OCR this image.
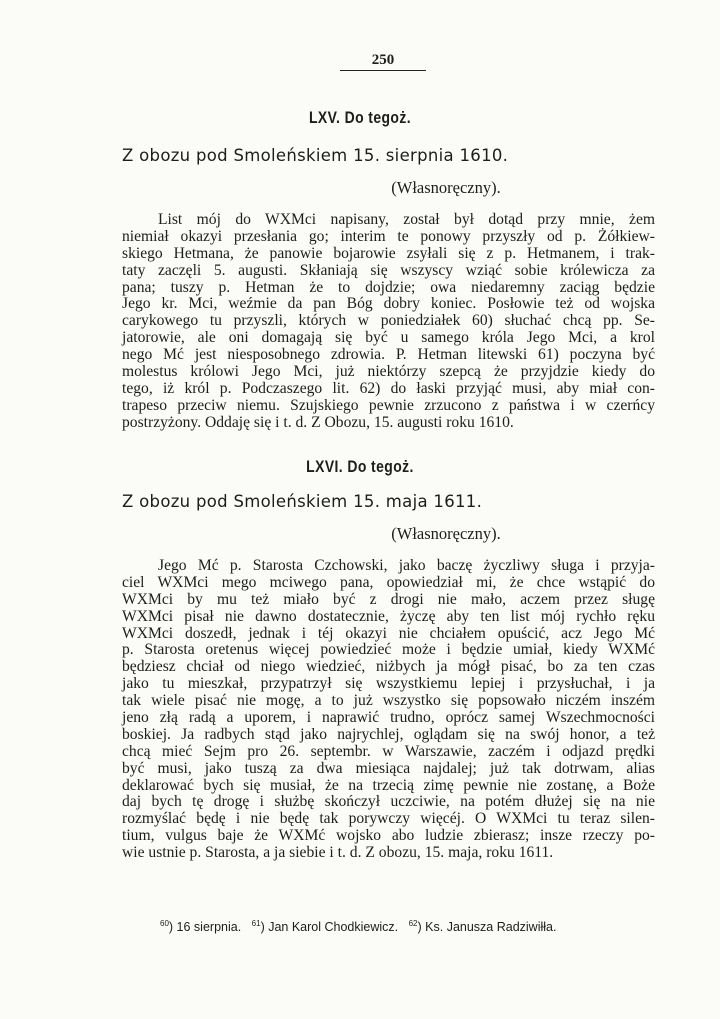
250
LXV. Do tegoż.
Z obozu pod Smoleńskiem 15. sierpnia 1610.
(Własnoręczny).
List mój do WXMci napisany, został był dotąd przy mnie, żem
niemiał okazyi przesłania go; interim te ponowy przyszły od p. Żółkiew-
skiego Hetmana, że panowie bojarowie zsyłali się z p. Hetmanem, i trak-
taty zaczęli 5. augusti. Skłaniają się wszyscy wziąć sobie królewicza za
pana; tuszy p. Hetman że to dojdzie; owa niedaremny zaciąg będzie
Jego kr. Mci, weźmie da pan Bóg dobry koniec. Posłowie też od wojska
carykowego tu przyszli, których w poniedziałek 60) słuchać chcą pp. Se-
jatorowie, ale oni domagają się być u samego króla Jego Mci, a krol
nego Mć jest niesposobnego zdrowia. P. Hetman litewski 61) poczyna być
molestus królowi Jego Mci, już niektórzy szepcą że przyjdzie kiedy do
tego, iż król p. Podczaszego lit. 62) do łaski przyjąć musi, aby miał con-
trapeso przeciw niemu. Szujskiego pewnie zrzucono z państwa i w czerńcy
postrzyżony. Oddaję się i t. d. Z Obozu, 15. augusti roku 1610.
LXVI. Do tegoż.
Z obozu pod Smoleńskiem 15. maja 1611.
(Własnoręczny).
Jego Mć p. Starosta Czchowski, jako baczę życzliwy sługa i przyja-
ciel WXMci mego mciwego pana, opowiedział mi, że chce wstąpić do
WXMci by mu też miało być z drogi nie mało, aczem przez sługę
WXMci pisał nie dawno dostatecznie, życzę aby ten list mój rychło ręku
WXMci doszedł, jednak i téj okazyi nie chciałem opuścić, acz Jego Mć
p. Starosta oretenus więcej powiedzieć może i będzie umiał, kiedy WXMć
będziesz chciał od niego wiedzieć, niżbych ja mógł pisać, bo za ten czas
jako tu mieszkał, przypatrzył się wszystkiemu lepiej i przysłuchał, i ja
tak wiele pisać nie mogę, a to już wszystko się popsowało niczém inszém
jeno złą radą a uporem, i naprawić trudno, oprócz samej Wszechmocności
boskiej. Ja radbych stąd jako najrychlej, oglądam się na swój honor, a też
chcą mieć Sejm pro 26. septembr. w Warszawie, zaczém i odjazd prędki
być musi, jako tuszą za dwa miesiąca najdalej; już tak dotrwam, alias
deklarować bych się musiał, że na trzecią zimę pewnie nie zostanę, a Boże
daj bych tę drogę i służbę skończył uczciwie, na potém dłużej się na nie
rozmyślać będę i nie będę tak porywczy więcéj. O WXMci tu teraz silen-
tium, vulgus baje że WXMć wojsko abo ludzie zbierasz; insze rzeczy po-
wie ustnie p. Starosta, a ja siebie i t. d. Z obozu, 15. maja, roku 1611.
$^{60}$) 16 sierpnia. $^{61}$) Jan Karol Chodkiewicz. $^{62}$) Ks. Janusza Radziwiłła.
